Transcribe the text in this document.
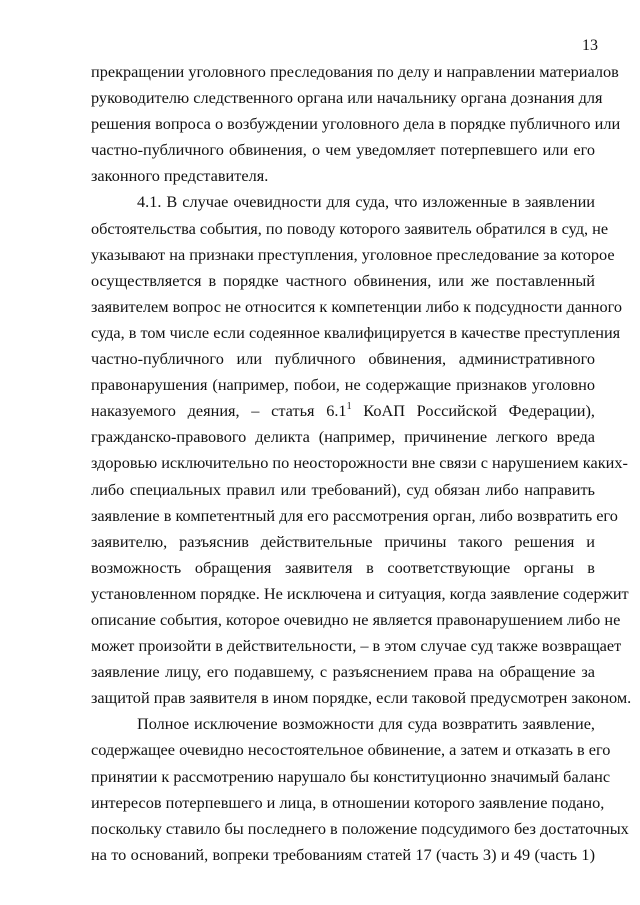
13
прекращении уголовного преследования по делу и направлении материалов
руководителю следственного органа или начальнику органа дознания для
решения вопроса о возбуждении уголовного дела в порядке публичного или
частно-публичного обвинения, о чем уведомляет потерпевшего или его
законного представителя.
4.1. В случае очевидности для суда, что изложенные в заявлении
обстоятельства события, по поводу которого заявитель обратился в суд, не
указывают на признаки преступления, уголовное преследование за которое
осуществляется в порядке частного обвинения, или же поставленный
заявителем вопрос не относится к компетенции либо к подсудности данного
суда, в том числе если содеянное квалифицируется в качестве преступления
частно-публичного или публичного обвинения, административного
правонарушения (например, побои, не содержащие признаков уголовно
наказуемого деяния, – статья $6.1^1$ КоАП Российской Федерации),
гражданско-правового деликта (например, причинение легкого вреда
здоровью исключительно по неосторожности вне связи с нарушением каких-
либо специальных правил или требований), суд обязан либо направить
заявление в компетентный для его рассмотрения орган, либо возвратить его
заявителю, разъяснив действительные причины такого решения и
возможность обращения заявителя в соответствующие органы в
установленном порядке. Не исключена и ситуация, когда заявление содержит
описание события, которое очевидно не является правонарушением либо не
может произойти в действительности, – в этом случае суд также возвращает
заявление лицу, его подавшему, с разъяснением права на обращение за
защитой прав заявителя в ином порядке, если таковой предусмотрен законом.
Полное исключение возможности для суда возвратить заявление,
содержащее очевидно несостоятельное обвинение, а затем и отказать в его
принятии к рассмотрению нарушало бы конституционно значимый баланс
интересов потерпевшего и лица, в отношении которого заявление подано,
поскольку ставило бы последнего в положение подсудимого без достаточных
на то оснований, вопреки требованиям статей 17 (часть 3) и 49 (часть 1)
